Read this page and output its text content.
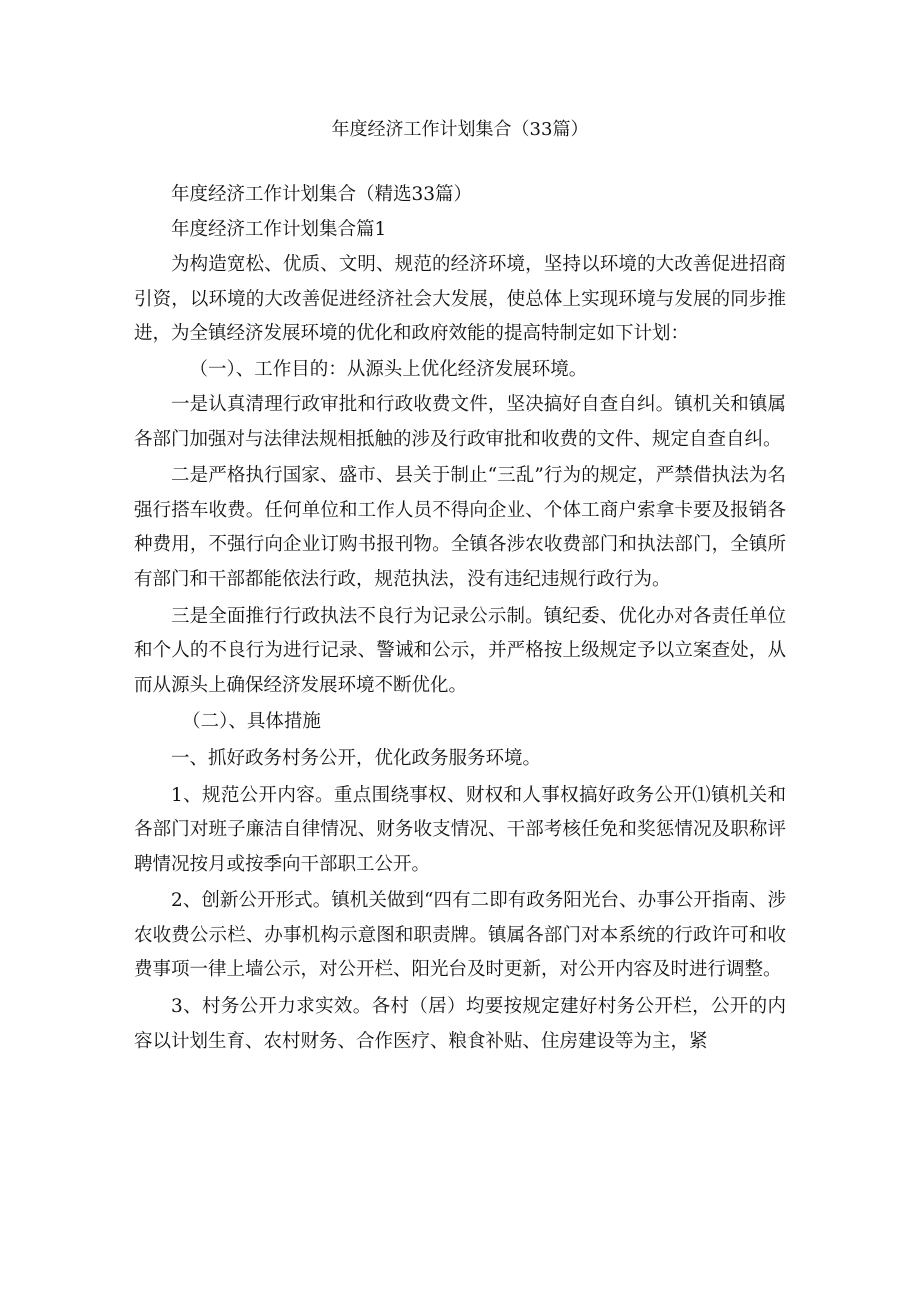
年度经济工作计划集合（33篇）

年度经济工作计划集合（精选33篇）

年度经济工作计划集合篇1

为构造宽松、优质、文明、规范的经济环境，坚持以环境的大改善促进招商引资，以环境的大改善促进经济社会大发展，使总体上实现环境与发展的同步推进，为全镇经济发展环境的优化和政府效能的提高特制定如下计划：

（一）、工作目的：从源头上优化经济发展环境。

一是认真清理行政审批和行政收费文件，坚决搞好自查自纠。镇机关和镇属各部门加强对与法律法规相抵触的涉及行政审批和收费的文件、规定自查自纠。

二是严格执行国家、盛市、县关于制止“三乱”行为的规定，严禁借执法为名强行搭车收费。任何单位和工作人员不得向企业、个体工商户索拿卡要及报销各种费用，不强行向企业订购书报刊物。全镇各涉农收费部门和执法部门，全镇所有部门和干部都能依法行政，规范执法，没有违纪违规行政行为。

三是全面推行行政执法不良行为记录公示制。镇纪委、优化办对各责任单位和个人的不良行为进行记录、警诫和公示，并严格按上级规定予以立案查处，从而从源头上确保经济发展环境不断优化。

（二）、具体措施

一、抓好政务村务公开，优化政务服务环境。

1、规范公开内容。重点围绕事权、财权和人事权搞好政务公开⑴镇机关和各部门对班子廉洁自律情况、财务收支情况、干部考核任免和奖惩情况及职称评聘情况按月或按季向干部职工公开。

2、创新公开形式。镇机关做到“四有二即有政务阳光台、办事公开指南、涉农收费公示栏、办事机构示意图和职责牌。镇属各部门对本系统的行政许可和收费事项一律上墙公示，对公开栏、阳光台及时更新，对公开内容及时进行调整。

3、村务公开力求实效。各村（居）均要按规定建好村务公开栏，公开的内容以计划生育、农村财务、合作医疗、粮食补贴、住房建设等为主，紧
